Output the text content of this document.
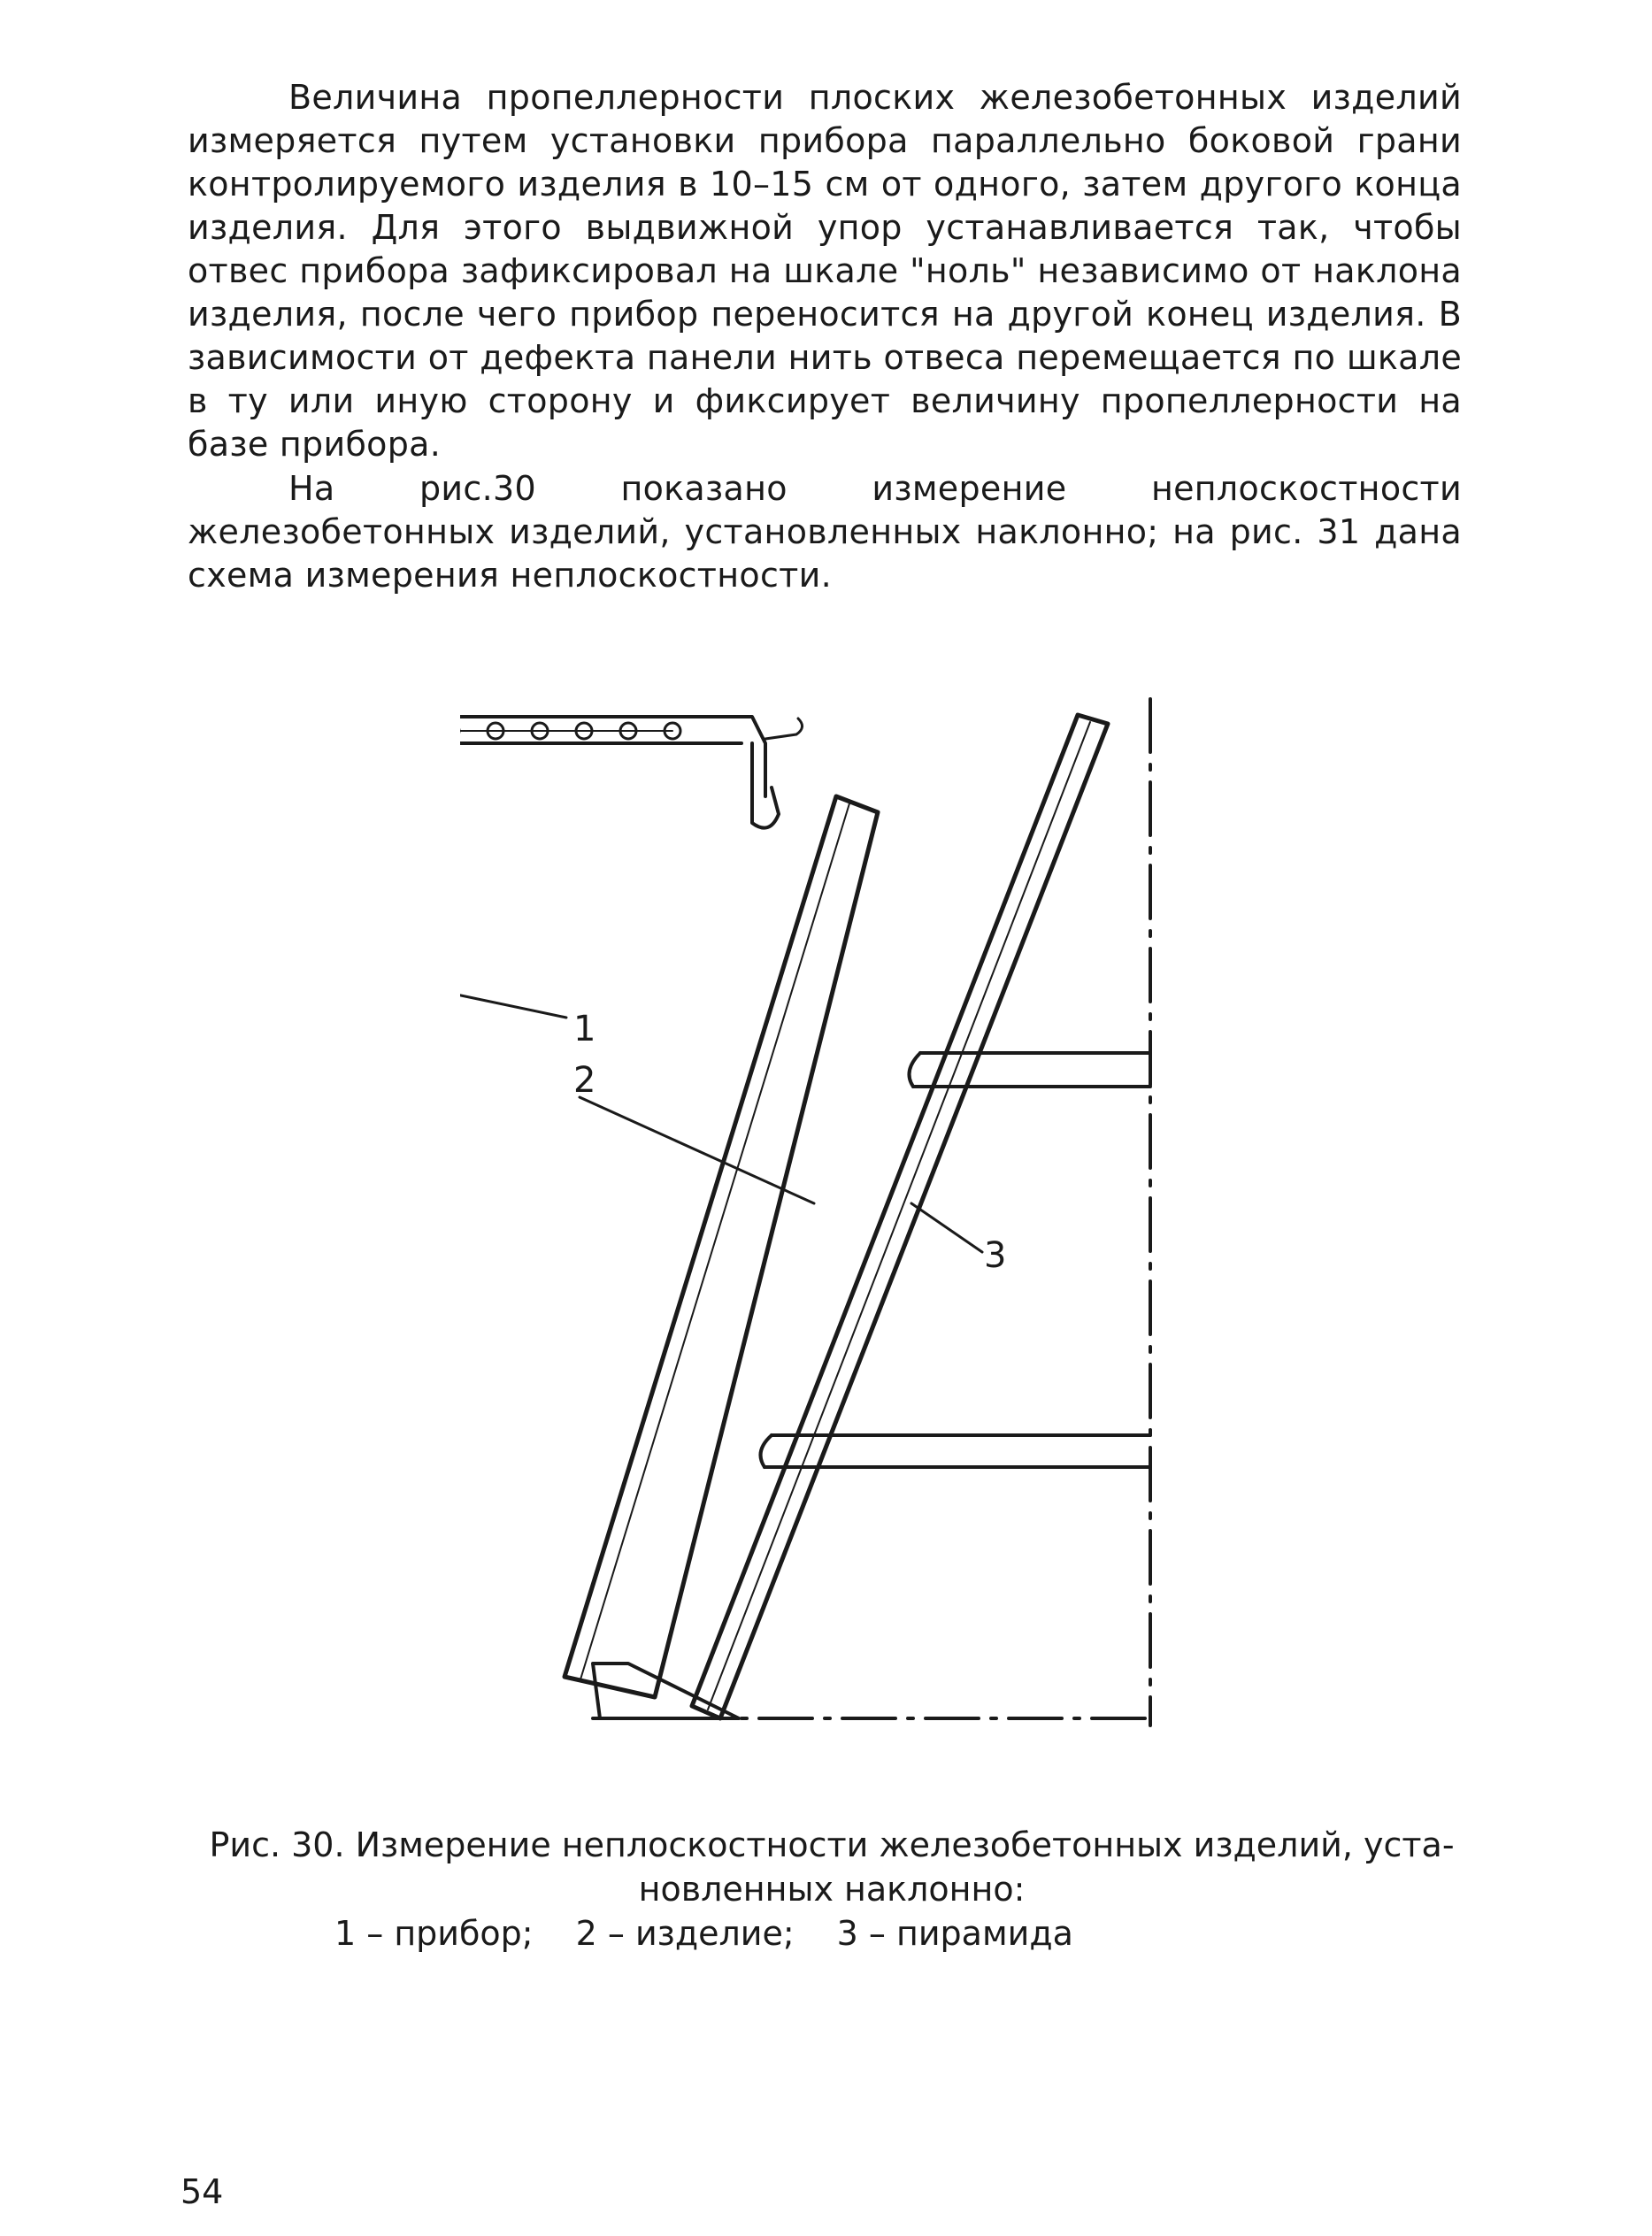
Величина пропеллерности плоских железобетонных изделий измеряется путем установки прибора параллельно боковой грани контролируемого изделия в 10–15 см от одного, затем другого конца изделия. Для этого выдвижной упор устанавливается так, чтобы отвес прибора зафиксировал на шкале "ноль" независимо от наклона изделия, после чего прибор переносится на другой конец изделия. В зависимости от дефекта панели нить отвеса перемещается по шкале в ту или иную сторону и фиксирует величину пропеллерности на базе прибора.

На рис.30 показано измерение неплоскостности железобетонных изделий, установленных наклонно; на рис. 31 дана схема измерения неплоскостности.

1
2
3

Рис. 30. Измерение неплоскостности железобетонных изделий, уста-

новленных наклонно:

1 – прибор; 2 – изделие; 3 – пирамида

54
